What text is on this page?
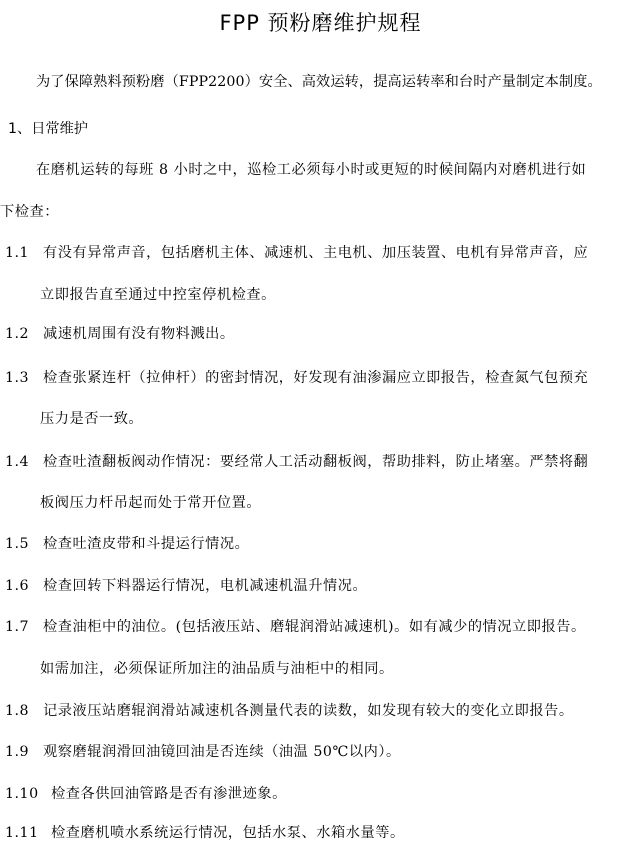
FPP 预粉磨维护规程
为了保障熟料预粉磨（FPP2200）安全、高效运转，提高运转率和台时产量制定本制度。
1、日常维护
在磨机运转的每班 8 小时之中，巡检工必须每小时或更短的时候间隔内对磨机进行如
下检查：
1.1 有没有异常声音，包括磨机主体、减速机、主电机、加压装置、电机有异常声音，应
立即报告直至通过中控室停机检查。
1.2 减速机周围有没有物料溅出。
1.3 检查张紧连杆（拉伸杆）的密封情况，好发现有油渗漏应立即报告，检查氮气包预充
压力是否一致。
1.4 检查吐渣翻板阀动作情况：要经常人工活动翻板阀，帮助排料，防止堵塞。严禁将翻
板阀压力杆吊起而处于常开位置。
1.5 检查吐渣皮带和斗提运行情况。
1.6 检查回转下料器运行情况，电机减速机温升情况。
1.7 检查油柜中的油位。(包括液压站、磨辊润滑站减速机)。如有减少的情况立即报告。
如需加注，必须保证所加注的油品质与油柜中的相同。
1.8 记录液压站磨辊润滑站减速机各测量代表的读数，如发现有较大的变化立即报告。
1.9 观察磨辊润滑回油镜回油是否连续（油温 50℃以内）。
1.10 检查各供回油管路是否有渗泄迹象。
1.11 检查磨机喷水系统运行情况，包括水泵、水箱水量等。
